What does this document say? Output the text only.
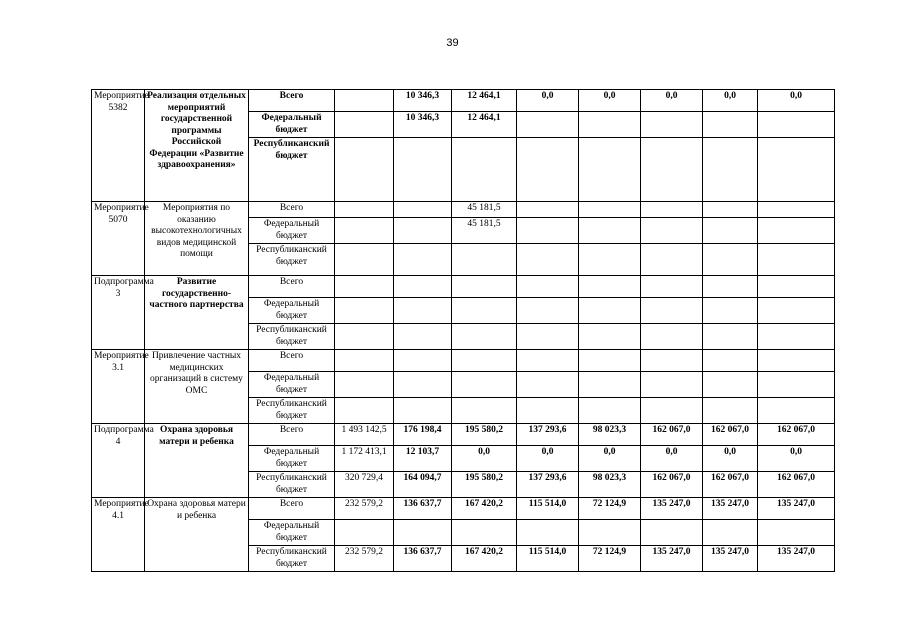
39
Мероприятие 5382	Реализация отдельных мероприятий государственной программы Российской Федерации «Развитие здравоохранения»	Всего		10 346,3	12 464,1	0,0	0,0	0,0	0,0	0,0
		Федеральный бюджет		10 346,3	12 464,1					
		Республиканский бюджет								
Мероприятие 5070	Мероприятия по оказанию высокотехнологичных видов медицинской помощи	Всего			45 181,5					
		Федеральный бюджет			45 181,5					
		Республиканский бюджет								
Подпрограмма 3	Развитие государственно-частного партнерства	Всего								
		Федеральный бюджет								
		Республиканский бюджет								
Мероприятие 3.1	Привлечение частных медицинских организаций в систему ОМС	Всего								
		Федеральный бюджет								
		Республиканский бюджет								
Подпрограмма 4	Охрана здоровья матери и ребенка	Всего	1 493 142,5	176 198,4	195 580,2	137 293,6	98 023,3	162 067,0	162 067,0	162 067,0
		Федеральный бюджет	1 172 413,1	12 103,7	0,0	0,0	0,0	0,0	0,0	0,0
		Республиканский бюджет	320 729,4	164 094,7	195 580,2	137 293,6	98 023,3	162 067,0	162 067,0	162 067,0
Мероприятие 4.1	Охрана здоровья матери и ребенка	Всего	232 579,2	136 637,7	167 420,2	115 514,0	72 124,9	135 247,0	135 247,0	135 247,0
		Федеральный бюджет								
		Республиканский бюджет	232 579,2	136 637,7	167 420,2	115 514,0	72 124,9	135 247,0	135 247,0	135 247,0
